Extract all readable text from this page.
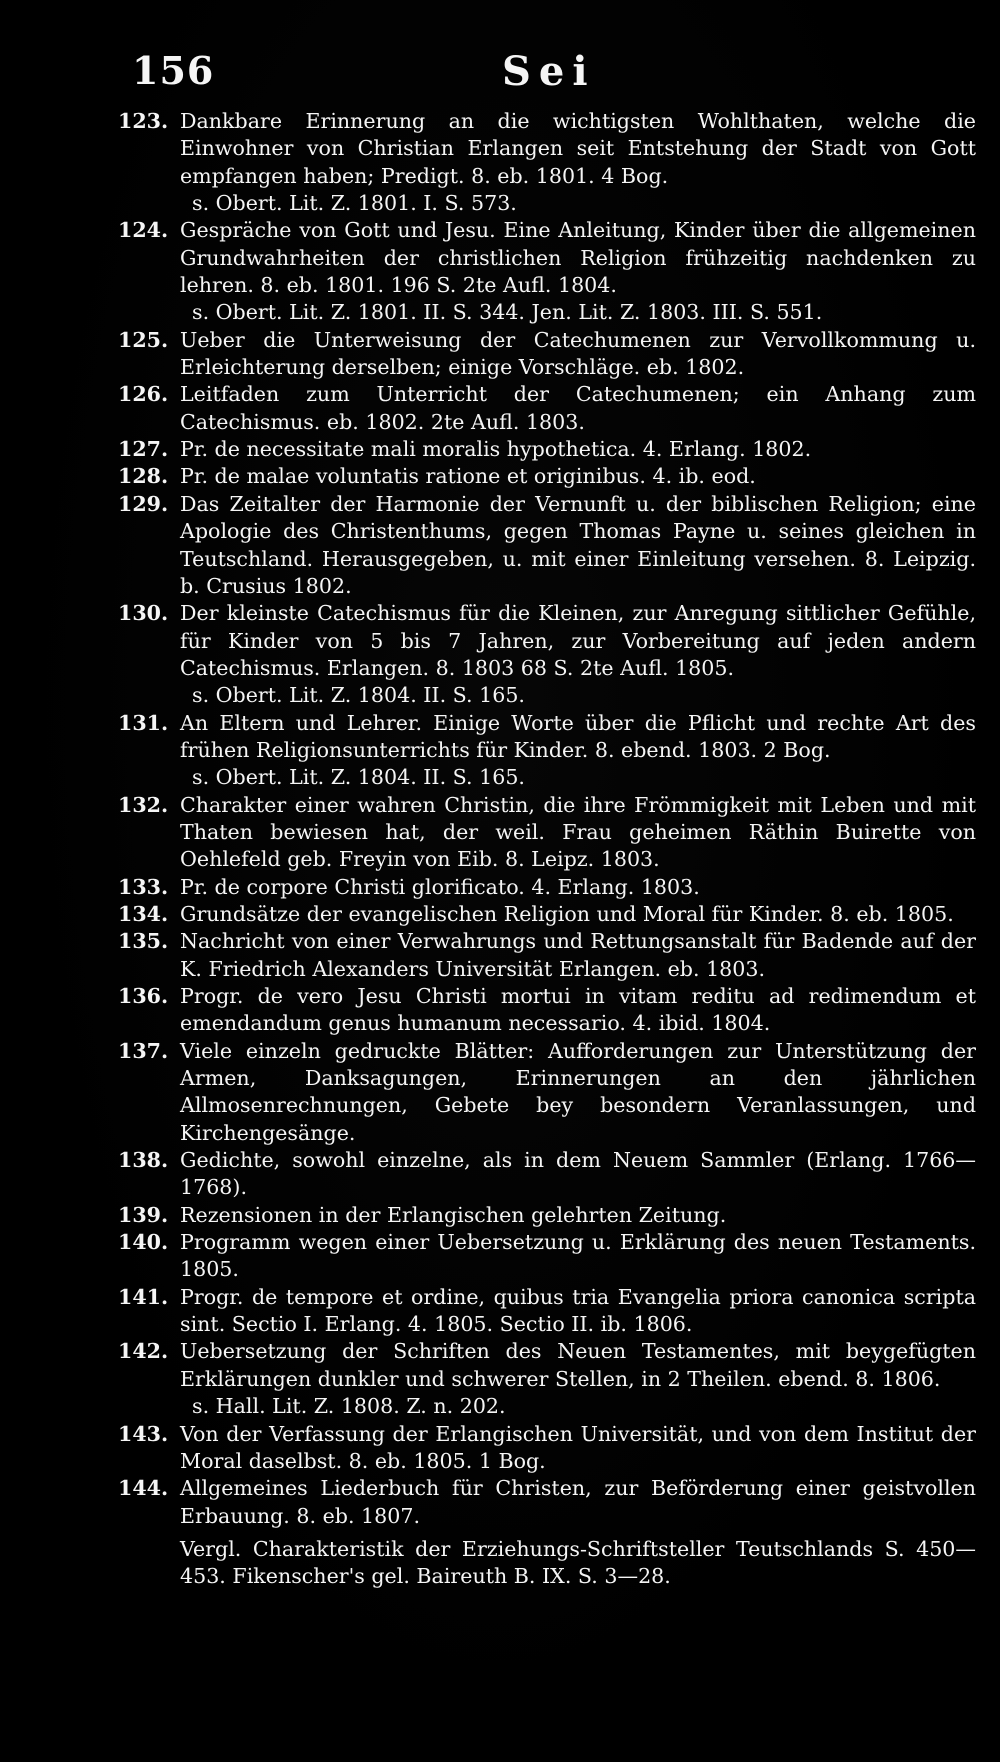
156	Sei

123. Dankbare Erinnerung an die wichtigsten Wohlthaten, welche die Einwohner von Christian Erlangen seit Entstehung der Stadt von Gott empfangen haben; Predigt. 8. eb. 1801. 4 Bog.
s. Obert. Lit. Z. 1801. I. S. 573.

124. Gespräche von Gott und Jesu. Eine Anleitung, Kinder über die allgemeinen Grundwahrheiten der christlichen Religion frühzeitig nachdenken zu lehren. 8. eb. 1801. 196 S. 2te Aufl. 1804.
s. Obert. Lit. Z. 1801. II. S. 344. Jen. Lit. Z. 1803. III. S. 551.

125. Ueber die Unterweisung der Catechumenen zur Vervollkommung u. Erleichterung derselben; einige Vorschläge. eb. 1802.

126. Leitfaden zum Unterricht der Catechumenen; ein Anhang zum Catechismus. eb. 1802. 2te Aufl. 1803.

127. Pr. de necessitate mali moralis hypothetica. 4. Erlang. 1802.

128. Pr. de malae voluntatis ratione et originibus. 4. ib. eod.

129. Das Zeitalter der Harmonie der Vernunft u. der biblischen Religion; eine Apologie des Christenthums, gegen Thomas Payne u. seines gleichen in Teutschland. Herausgegeben, u. mit einer Einleitung versehen. 8. Leipzig. b. Crusius 1802.

130. Der kleinste Catechismus für die Kleinen, zur Anregung sittlicher Gefühle, für Kinder von 5 bis 7 Jahren, zur Vorbereitung auf jeden andern Catechismus. Erlangen. 8. 1803 68 S. 2te Aufl. 1805.
s. Obert. Lit. Z. 1804. II. S. 165.

131. An Eltern und Lehrer. Einige Worte über die Pflicht und rechte Art des frühen Religionsunterrichts für Kinder. 8. ebend. 1803. 2 Bog.
s. Obert. Lit. Z. 1804. II. S. 165.

132. Charakter einer wahren Christin, die ihre Frömmigkeit mit Leben und mit Thaten bewiesen hat, der weil. Frau geheimen Räthin Buirette von Oehlefeld geb. Freyin von Eib. 8. Leipz. 1803.

133. Pr. de corpore Christi glorificato. 4. Erlang. 1803.

134. Grundsätze der evangelischen Religion und Moral für Kinder. 8. eb. 1805.

135. Nachricht von einer Verwahrungs und Rettungsanstalt für Badende auf der K. Friedrich Alexanders Universität Erlangen. eb. 1803.

136. Progr. de vero Jesu Christi mortui in vitam reditu ad redimendum et emendandum genus humanum necessario. 4. ibid. 1804.

137. Viele einzeln gedruckte Blätter: Aufforderungen zur Unterstützung der Armen, Danksagungen, Erinnerungen an den jährlichen Allmosenrechnungen, Gebete bey besondern Veranlassungen, und Kirchengesänge.

138. Gedichte, sowohl einzelne, als in dem Neuem Sammler (Erlang. 1766—1768).

139. Rezensionen in der Erlangischen gelehrten Zeitung.

140. Programm wegen einer Uebersetzung u. Erklärung des neuen Testaments. 1805.

141. Progr. de tempore et ordine, quibus tria Evangelia priora canonica scripta sint. Sectio I. Erlang. 4. 1805. Sectio II. ib. 1806.

142. Uebersetzung der Schriften des Neuen Testamentes, mit beygefügten Erklärungen dunkler und schwerer Stellen, in 2 Theilen. ebend. 8. 1806.
s. Hall. Lit. Z. 1808. Z. n. 202.

143. Von der Verfassung der Erlangischen Universität, und von dem Institut der Moral daselbst. 8. eb. 1805. 1 Bog.

144. Allgemeines Liederbuch für Christen, zur Beförderung einer geistvollen Erbauung. 8. eb. 1807.

Vergl. Charakteristik der Erziehungs-Schriftsteller Teutschlands S. 450—453. Fikenscher's gel. Baireuth B. IX. S. 3—28.
